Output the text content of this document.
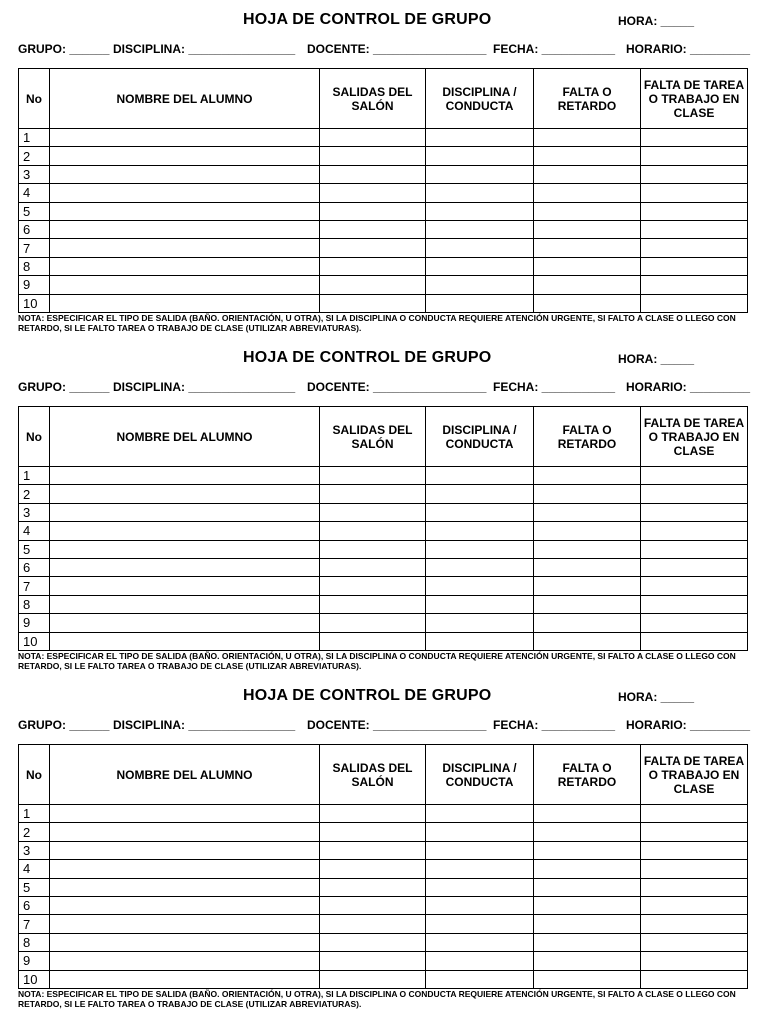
HOJA DE CONTROL DE GRUPO	HORA: _____
GRUPO: ______ DISCIPLINA: ________________ DOCENTE: _________________ FECHA: ___________ HORARIO: _________
No	NOMBRE DEL ALUMNO	SALIDAS DEL SALÓN	DISCIPLINA / CONDUCTA	FALTA O RETARDO	FALTA DE TAREA O TRABAJO EN CLASE
1					
2					
3					
4					
5					
6					
7					
8					
9					
10					
NOTA: ESPECIFICAR EL TIPO DE SALIDA (BAÑO. ORIENTACIÓN, U OTRA), SI LA DISCIPLINA O CONDUCTA REQUIERE ATENCIÓN URGENTE, SI FALTO A CLASE O LLEGO CON RETARDO, SI LE FALTO TAREA O TRABAJO DE CLASE (UTILIZAR ABREVIATURAS).
HOJA DE CONTROL DE GRUPO	HORA: _____
GRUPO: ______ DISCIPLINA: ________________ DOCENTE: _________________ FECHA: ___________ HORARIO: _________
No	NOMBRE DEL ALUMNO	SALIDAS DEL SALÓN	DISCIPLINA / CONDUCTA	FALTA O RETARDO	FALTA DE TAREA O TRABAJO EN CLASE
1					
2					
3					
4					
5					
6					
7					
8					
9					
10					
NOTA: ESPECIFICAR EL TIPO DE SALIDA (BAÑO. ORIENTACIÓN, U OTRA), SI LA DISCIPLINA O CONDUCTA REQUIERE ATENCIÓN URGENTE, SI FALTO A CLASE O LLEGO CON RETARDO, SI LE FALTO TAREA O TRABAJO DE CLASE (UTILIZAR ABREVIATURAS).
HOJA DE CONTROL DE GRUPO	HORA: _____
GRUPO: ______ DISCIPLINA: ________________ DOCENTE: _________________ FECHA: ___________ HORARIO: _________
No	NOMBRE DEL ALUMNO	SALIDAS DEL SALÓN	DISCIPLINA / CONDUCTA	FALTA O RETARDO	FALTA DE TAREA O TRABAJO EN CLASE
1					
2					
3					
4					
5					
6					
7					
8					
9					
10					
NOTA: ESPECIFICAR EL TIPO DE SALIDA (BAÑO. ORIENTACIÓN, U OTRA), SI LA DISCIPLINA O CONDUCTA REQUIERE ATENCIÓN URGENTE, SI FALTO A CLASE O LLEGO CON RETARDO, SI LE FALTO TAREA O TRABAJO DE CLASE (UTILIZAR ABREVIATURAS).
